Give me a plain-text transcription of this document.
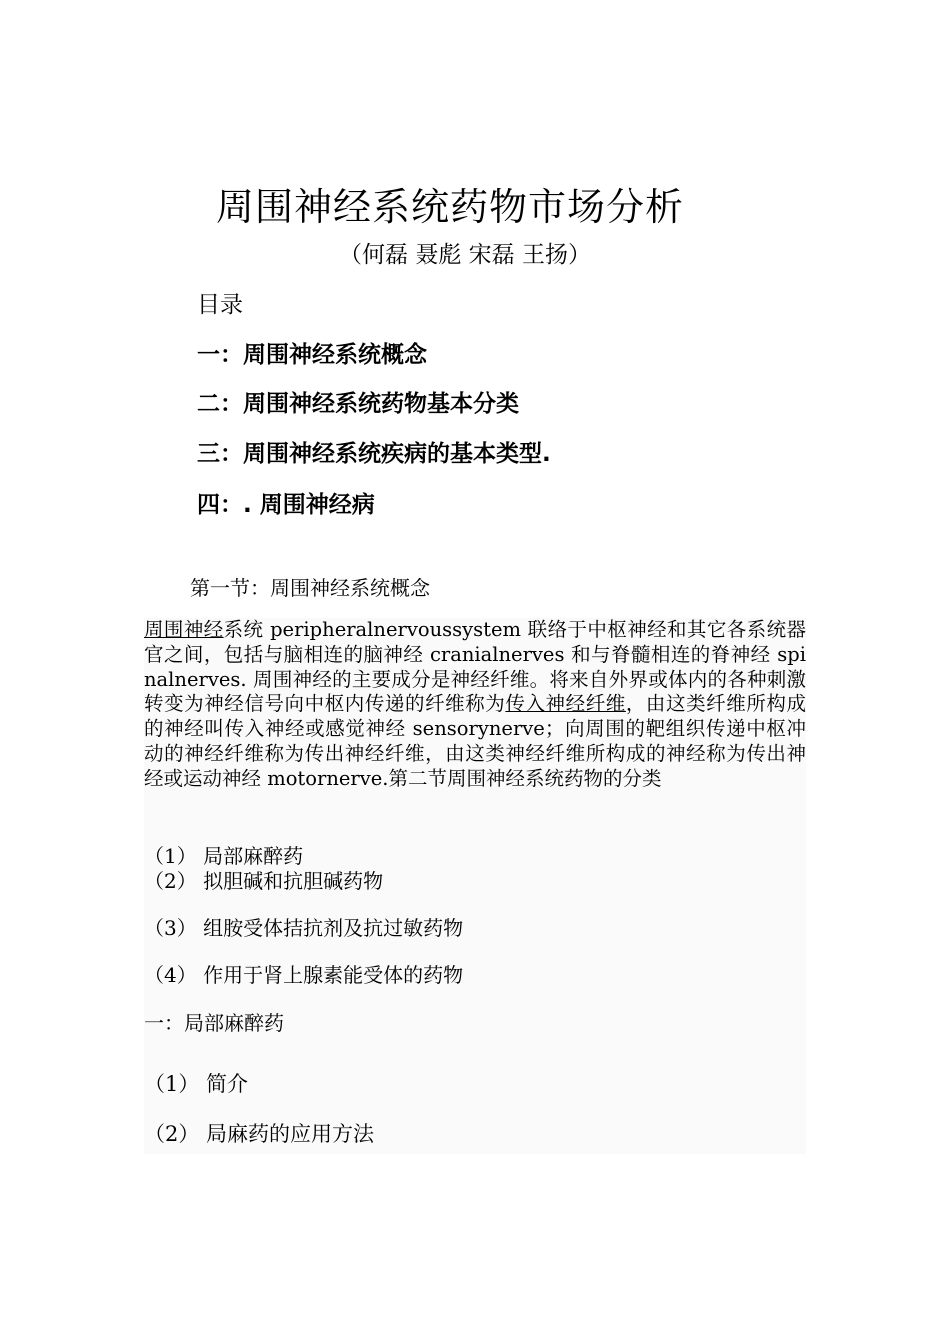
周围神经系统药物市场分析
（何磊 聂彪 宋磊 王扬）
目录
一：周围神经系统概念
二：周围神经系统药物基本分类
三：周围神经系统疾病的基本类型.
四：. 周围神经病
第一节：周围神经系统概念
周围神经系统 peripheralnervoussystem 联络于中枢神经和其它各系统器官之间，包括与脑相连的脑神经 cranialnerves 和与脊髓相连的脊神经 spinalnerves. 周围神经的主要成分是神经纤维。将来自外界或体内的各种刺激转变为神经信号向中枢内传递的纤维称为传入神经纤维，由这类纤维所构成的神经叫传入神经或感觉神经 sensorynerve；向周围的靶组织传递中枢冲动的神经纤维称为传出神经纤维，由这类神经纤维所构成的神经称为传出神经或运动神经 motornerve.第二节周围神经系统药物的分类
（1） 局部麻醉药
（2） 拟胆碱和抗胆碱药物
（3） 组胺受体拮抗剂及抗过敏药物
（4） 作用于肾上腺素能受体的药物
一：局部麻醉药
（1） 简介
（2） 局麻药的应用方法
